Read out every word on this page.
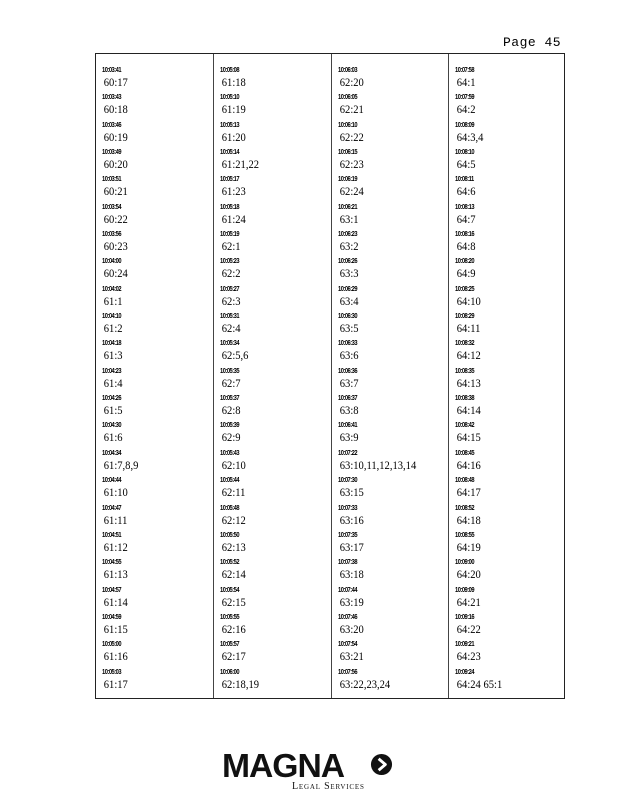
Page 45
10:03:41
60:17
10:03:43
60:18
10:03:46
60:19
10:03:49
60:20
10:03:51
60:21
10:03:54
60:22
10:03:56
60:23
10:04:00
60:24
10:04:02
61:1
10:04:10
61:2
10:04:18
61:3
10:04:23
61:4
10:04:26
61:5
10:04:30
61:6
10:04:34
61:7,8,9
10:04:44
61:10
10:04:47
61:11
10:04:51
61:12
10:04:55
61:13
10:04:57
61:14
10:04:59
61:15
10:05:00
61:16
10:05:03
61:17
10:05:08
61:18
10:05:10
61:19
10:05:13
61:20
10:05:14
61:21,22
10:05:17
61:23
10:05:18
61:24
10:05:19
62:1
10:05:23
62:2
10:05:27
62:3
10:05:31
62:4
10:05:34
62:5,6
10:05:35
62:7
10:05:37
62:8
10:05:39
62:9
10:05:43
62:10
10:05:44
62:11
10:05:48
62:12
10:05:50
62:13
10:05:52
62:14
10:05:54
62:15
10:05:55
62:16
10:05:57
62:17
10:06:00
62:18,19
10:06:03
62:20
10:06:05
62:21
10:06:10
62:22
10:06:15
62:23
10:06:19
62:24
10:06:21
63:1
10:06:23
63:2
10:06:26
63:3
10:06:29
63:4
10:06:30
63:5
10:06:33
63:6
10:06:36
63:7
10:06:37
63:8
10:06:41
63:9
10:07:22
63:10,11,12,13,14
10:07:30
63:15
10:07:33
63:16
10:07:35
63:17
10:07:38
63:18
10:07:44
63:19
10:07:46
63:20
10:07:54
63:21
10:07:56
63:22,23,24
10:07:58
64:1
10:07:59
64:2
10:08:09
64:3,4
10:08:10
64:5
10:08:11
64:6
10:08:13
64:7
10:08:16
64:8
10:08:20
64:9
10:08:25
64:10
10:08:29
64:11
10:08:32
64:12
10:08:35
64:13
10:08:38
64:14
10:08:42
64:15
10:08:45
64:16
10:08:48
64:17
10:08:52
64:18
10:08:55
64:19
10:09:00
64:20
10:09:09
64:21
10:09:16
64:22
10:09:21
64:23
10:09:24
64:24 65:1
MAGNA
Legal Services
